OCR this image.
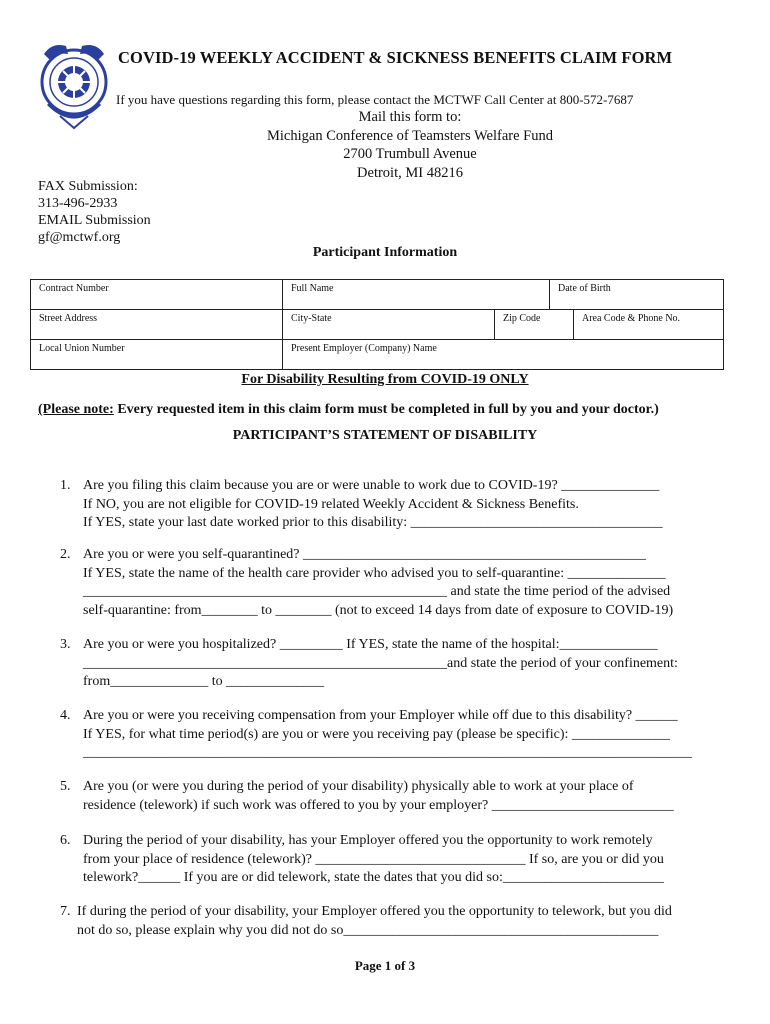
COVID-19 WEEKLY ACCIDENT & SICKNESS BENEFITS CLAIM FORM
If you have questions regarding this form, please contact the MCTWF Call Center at 800-572-7687
Mail this form to:
Michigan Conference of Teamsters Welfare Fund
2700 Trumbull Avenue
Detroit, MI 48216
FAX Submission:
313-496-2933
EMAIL Submission
gf@mctwf.org
Participant Information
Contract Number	Full Name		Date of Birth	
Street Address	City-State	Zip Code		Area Code & Phone No.
Local Union Number	Present Employer (Company) Name			
For Disability Resulting from COVID-19 ONLY
(Please note: Every requested item in this claim form must be completed in full by you and your doctor.)
PARTICIPANT’S STATEMENT OF DISABILITY
1. Are you filing this claim because you are or were unable to work due to COVID-19? ______________
If NO, you are not eligible for COVID-19 related Weekly Accident & Sickness Benefits.
If YES, state your last date worked prior to this disability: ____________________________________
2. Are you or were you self-quarantined? _________________________________________________
If YES, state the name of the health care provider who advised you to self-quarantine: ______________
____________________________________________________ and state the time period of the advised
self-quarantine: from________ to ________ (not to exceed 14 days from date of exposure to COVID-19)
3. Are you or were you hospitalized? _________ If YES, state the name of the hospital:______________
____________________________________________________and state the period of your confinement:
from______________ to ______________
4. Are you or were you receiving compensation from your Employer while off due to this disability? ______
If YES, for what time period(s) are you or were you receiving pay (please be specific): ______________
_______________________________________________________________________________________
5. Are you (or were you during the period of your disability) physically able to work at your place of
residence (telework) if such work was offered to you by your employer? __________________________
6. During the period of your disability, has your Employer offered you the opportunity to work remotely
from your place of residence (telework)? ______________________________ If so, are you or did you
telework?______ If you are or did telework, state the dates that you did so:_______________________
7. If during the period of your disability, your Employer offered you the opportunity to telework, but you did
not do so, please explain why you did not do so_____________________________________________
Page 1 of 3
